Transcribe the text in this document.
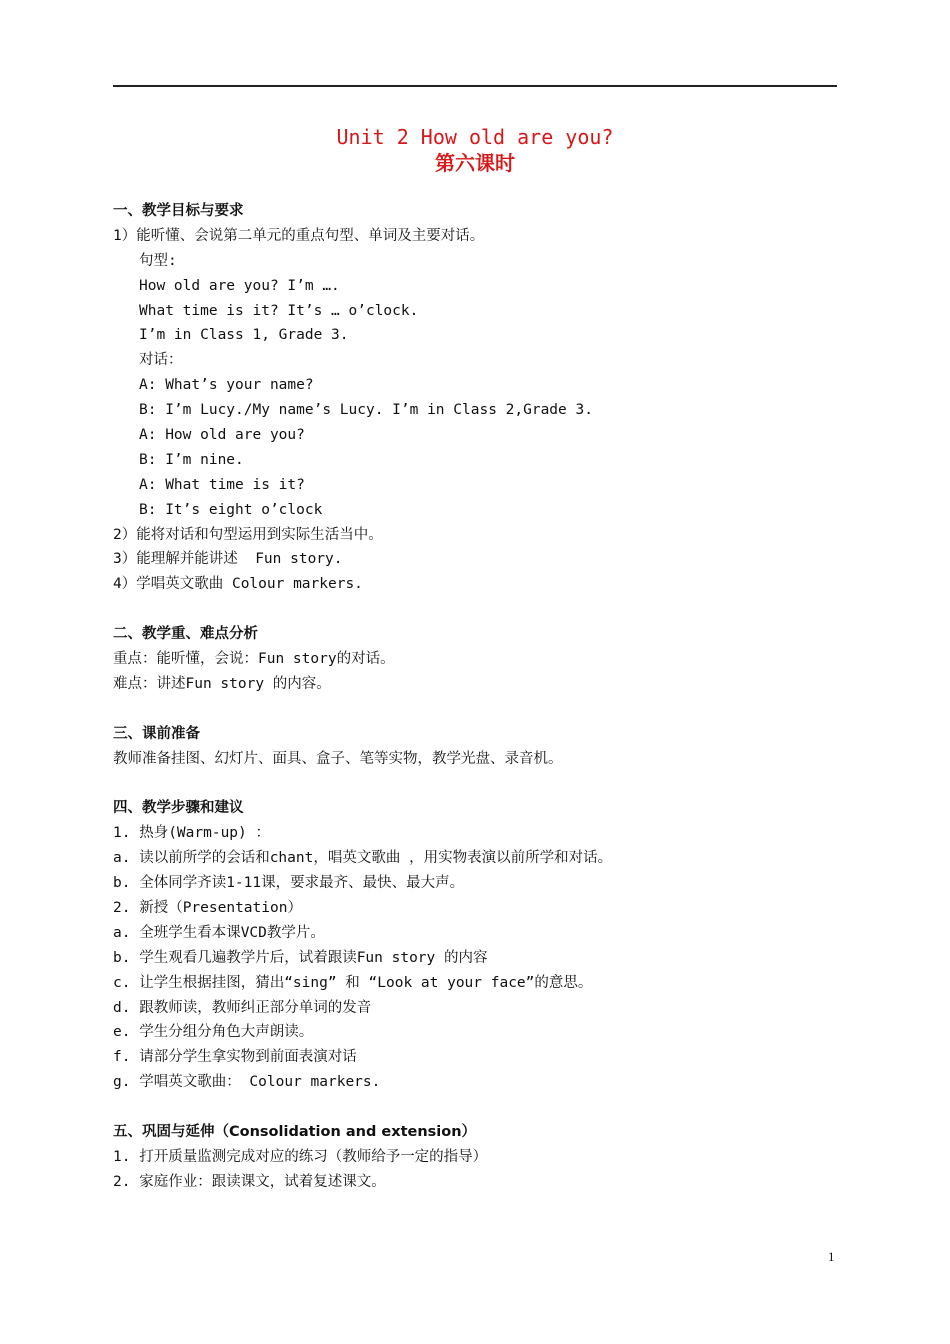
Unit 2 How old are you?
第六课时
一、教学目标与要求
1）能听懂、会说第二单元的重点句型、单词及主要对话。
句型:
How old are you? I’m ….
What time is it? It’s … o’clock.
I’m in Class 1, Grade 3.
对话：
A: What’s your name?
B: I’m Lucy./My name’s Lucy. I’m in Class 2,Grade 3.
A: How old are you?
B: I’m nine.
A: What time is it?
B: It’s eight o’clock
2）能将对话和句型运用到实际生活当中。
3）能理解并能讲述  Fun story.
4）学唱英文歌曲 Colour markers.
二、教学重、难点分析
重点：能听懂，会说：Fun story的对话。
难点：讲述Fun story 的内容。
三、课前准备
教师准备挂图、幻灯片、面具、盒子、笔等实物，教学光盘、录音机。
四、教学步骤和建议
1. 热身(Warm-up) ：
a. 读以前所学的会话和chant，唱英文歌曲 ，用实物表演以前所学和对话。
b. 全体同学齐读1-11课，要求最齐、最快、最大声。
2. 新授（Presentation）
a. 全班学生看本课VCD教学片。
b. 学生观看几遍教学片后，试着跟读Fun story 的内容
c. 让学生根据挂图，猜出“sing” 和 “Look at your face”的意思。
d. 跟教师读，教师纠正部分单词的发音
e. 学生分组分角色大声朗读。
f. 请部分学生拿实物到前面表演对话
g. 学唱英文歌曲： Colour markers.
五、巩固与延伸（Consolidation and extension）
1. 打开质量监测完成对应的练习（教师给予一定的指导）
2. 家庭作业：跟读课文，试着复述课文。
1
